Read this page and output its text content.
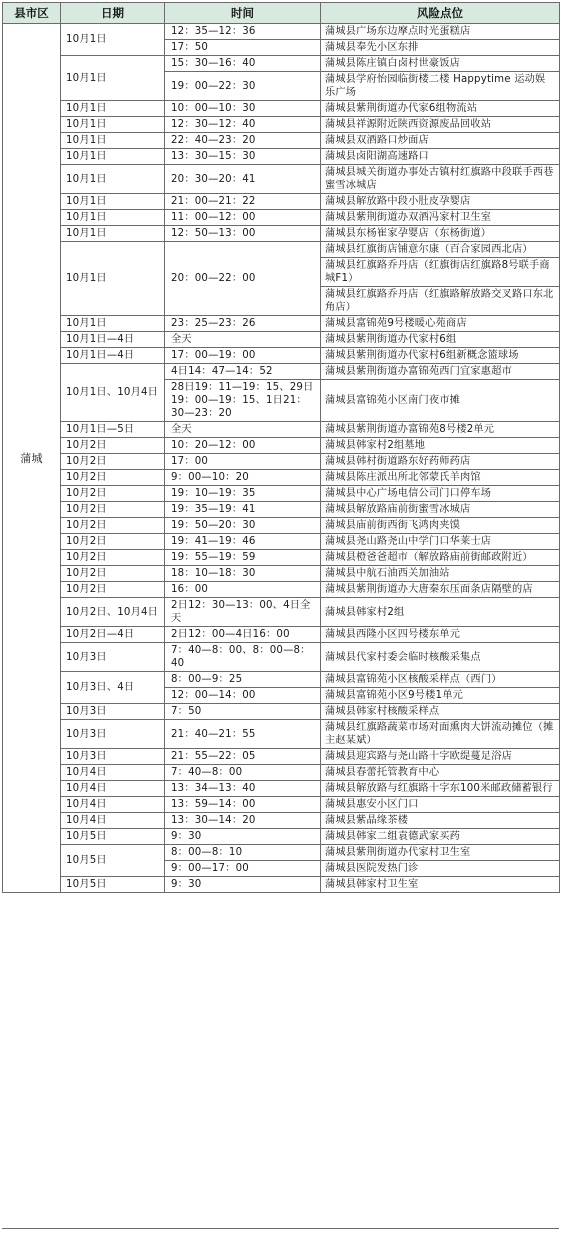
县市区	日期	时间	风险点位
蒲城	10月1日	12：35—12：36	蒲城县广场东边摩点时光蛋糕店
		17：50	蒲城县奉先小区东排
	10月1日	15：30—16：40	蒲城县陈庄镇白卤村世豪饭店
		19：00—22：30	蒲城县学府怡园临街楼二楼 Happytime 运动娱乐广场
	10月1日	10：00—10：30	蒲城县紫荆街道办代家6组物流站
	10月1日	12：30—12：40	蒲城县祥源附近陕西资源废品回收站
	10月1日	22：40—23：20	蒲城县双酒路口炒面店
	10月1日	13：30—15：30	蒲城县卤阳湖高速路口
	10月1日	20：30—20：41	蒲城县城关街道办事处古镇村红旗路中段联手西巷蜜雪冰城店
	10月1日	21：00—21：22	蒲城县解放路中段小肚皮孕婴店
	10月1日	11：00—12：00	蒲城县紫荆街道办双酒冯家村卫生室
	10月1日	12：50—13：00	蒲城县东杨崔家孕婴店（东杨街道）
	10月1日	20：00—22：00	蒲城县红旗街店铺意尔康（百合家园西北店）
			蒲城县红旗路乔丹店（红旗街店红旗路8号联手商城F1）
			蒲城县红旗路乔丹店（红旗路解放路交叉路口东北角店）
	10月1日	23：25—23：26	蒲城县富锦苑9号楼暖心苑商店
	10月1日—4日	全天	蒲城县紫荆街道办代家村6组
	10月1日—4日	17：00—19：00	蒲城县紫荆街道办代家村6组新概念篮球场
	10月1日、10月4日	4日14：47—14：52	蒲城县紫荆街道办富锦苑西门宜家惠超市
		28日19：11—19：15、29日19：00—19：15、1日21：30—23：20	蒲城县富锦苑小区南门夜市摊
	10月1日—5日	全天	蒲城县紫荆街道办富锦苑8号楼2单元
	10月2日	10：20—12：00	蒲城县韩家村2组墓地
	10月2日	17：00	蒲城县韩村街道路东好药师药店
	10月2日	9：00—10：20	蒲城县陈庄派出所北邻蒙氏羊肉馆
	10月2日	19：10—19：35	蒲城县中心广场电信公司门口停车场
	10月2日	19：35—19：41	蒲城县解放路庙前街蜜雪冰城店
	10月2日	19：50—20：30	蒲城县庙前街西街飞鸿肉夹馍
	10月2日	19：41—19：46	蒲城县尧山路尧山中学门口华莱士店
	10月2日	19：55—19：59	蒲城县橙爸爸超市（解放路庙前街邮政附近）
	10月2日	18：10—18：30	蒲城县中航石油西关加油站
	10月2日	16：00	蒲城县紫荆街道办大唐秦东压面条店隔壁的店
	10月2日、10月4日	2日12：30—13：00、4日全天	蒲城县韩家村2组
	10月2日—4日	2日12：00—4日16：00	蒲城县西隆小区四号楼东单元
	10月3日	7：40—8：00、8：00—8：40	蒲城县代家村委会临时核酸采集点
	10月3日、4日	8：00—9：25	蒲城县富锦苑小区核酸采样点（西门）
		12：00—14：00	蒲城县富锦苑小区9号楼1单元
	10月3日	7：50	蒲城县韩家村核酸采样点
	10月3日	21：40—21：55	蒲城县红旗路蔬菜市场对面熏肉大饼流动摊位（摊主赵某斌）
	10月3日	21：55—22：05	蒲城县迎宾路与尧山路十字欧缇蔓足浴店
	10月4日	7：40—8：00	蒲城县春蕾托管教育中心
	10月4日	13：34—13：40	蒲城县解放路与红旗路十字东100米邮政储蓄银行
	10月4日	13：59—14：00	蒲城县惠安小区门口
	10月4日	13：30—14：20	蒲城县紫晶缘茶楼
	10月5日	9：30	蒲城县韩家二组袁德武家买药
	10月5日	8：00—8：10	蒲城县紫荆街道办代家村卫生室
		9：00—17：00	蒲城县医院发热门诊
	10月5日	9：30	蒲城县韩家村卫生室
